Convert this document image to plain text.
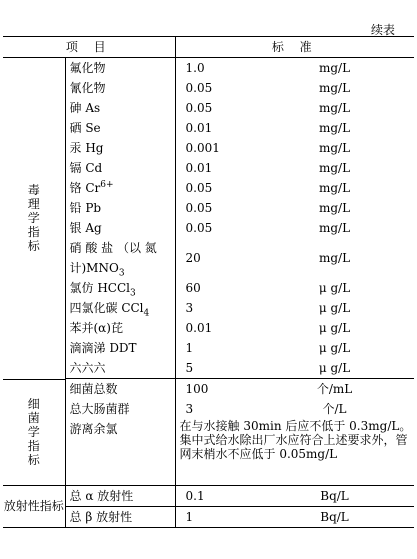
续表
项 目		标 准	

毒
理
学
指
标	氟化物	1.0	mg/L
	氰化物	0.05	mg/L
	砷 As	0.05	mg/L
	硒 Se	0.01	mg/L
	汞 Hg	0.001	mg/L
	镉 Cd	0.01	mg/L
	铬 $Cr^{6+}$	0.05	mg/L
	铅 Pb	0.05	mg/L
	银 Ag	0.05	mg/L
	硝 酸 盐 （以 氮 计)$MNO_3$	20	mg/L
	氯仿 HCCl$_3$	60	μ g/L
	四氯化碳 CCl$_4$	3	μ g/L
	苯并(α)芘	0.01	μ g/L
	滴滴涕 DDT	1	μ g/L
	六六六	5	μ g/L

细
菌
学
指
标	细菌总数	100	个/mL
	总大肠菌群	3	个/L
	游离余氯	在与水接触 30min 后应不低于 0.3mg/L。集中式给水除出厂水应符合上述要求外，管网末梢水不应低于 0.05mg/L	
放射性指标	总 α 放射性	0.1	Bq/L
	总 β 放射性	1	Bq/L
